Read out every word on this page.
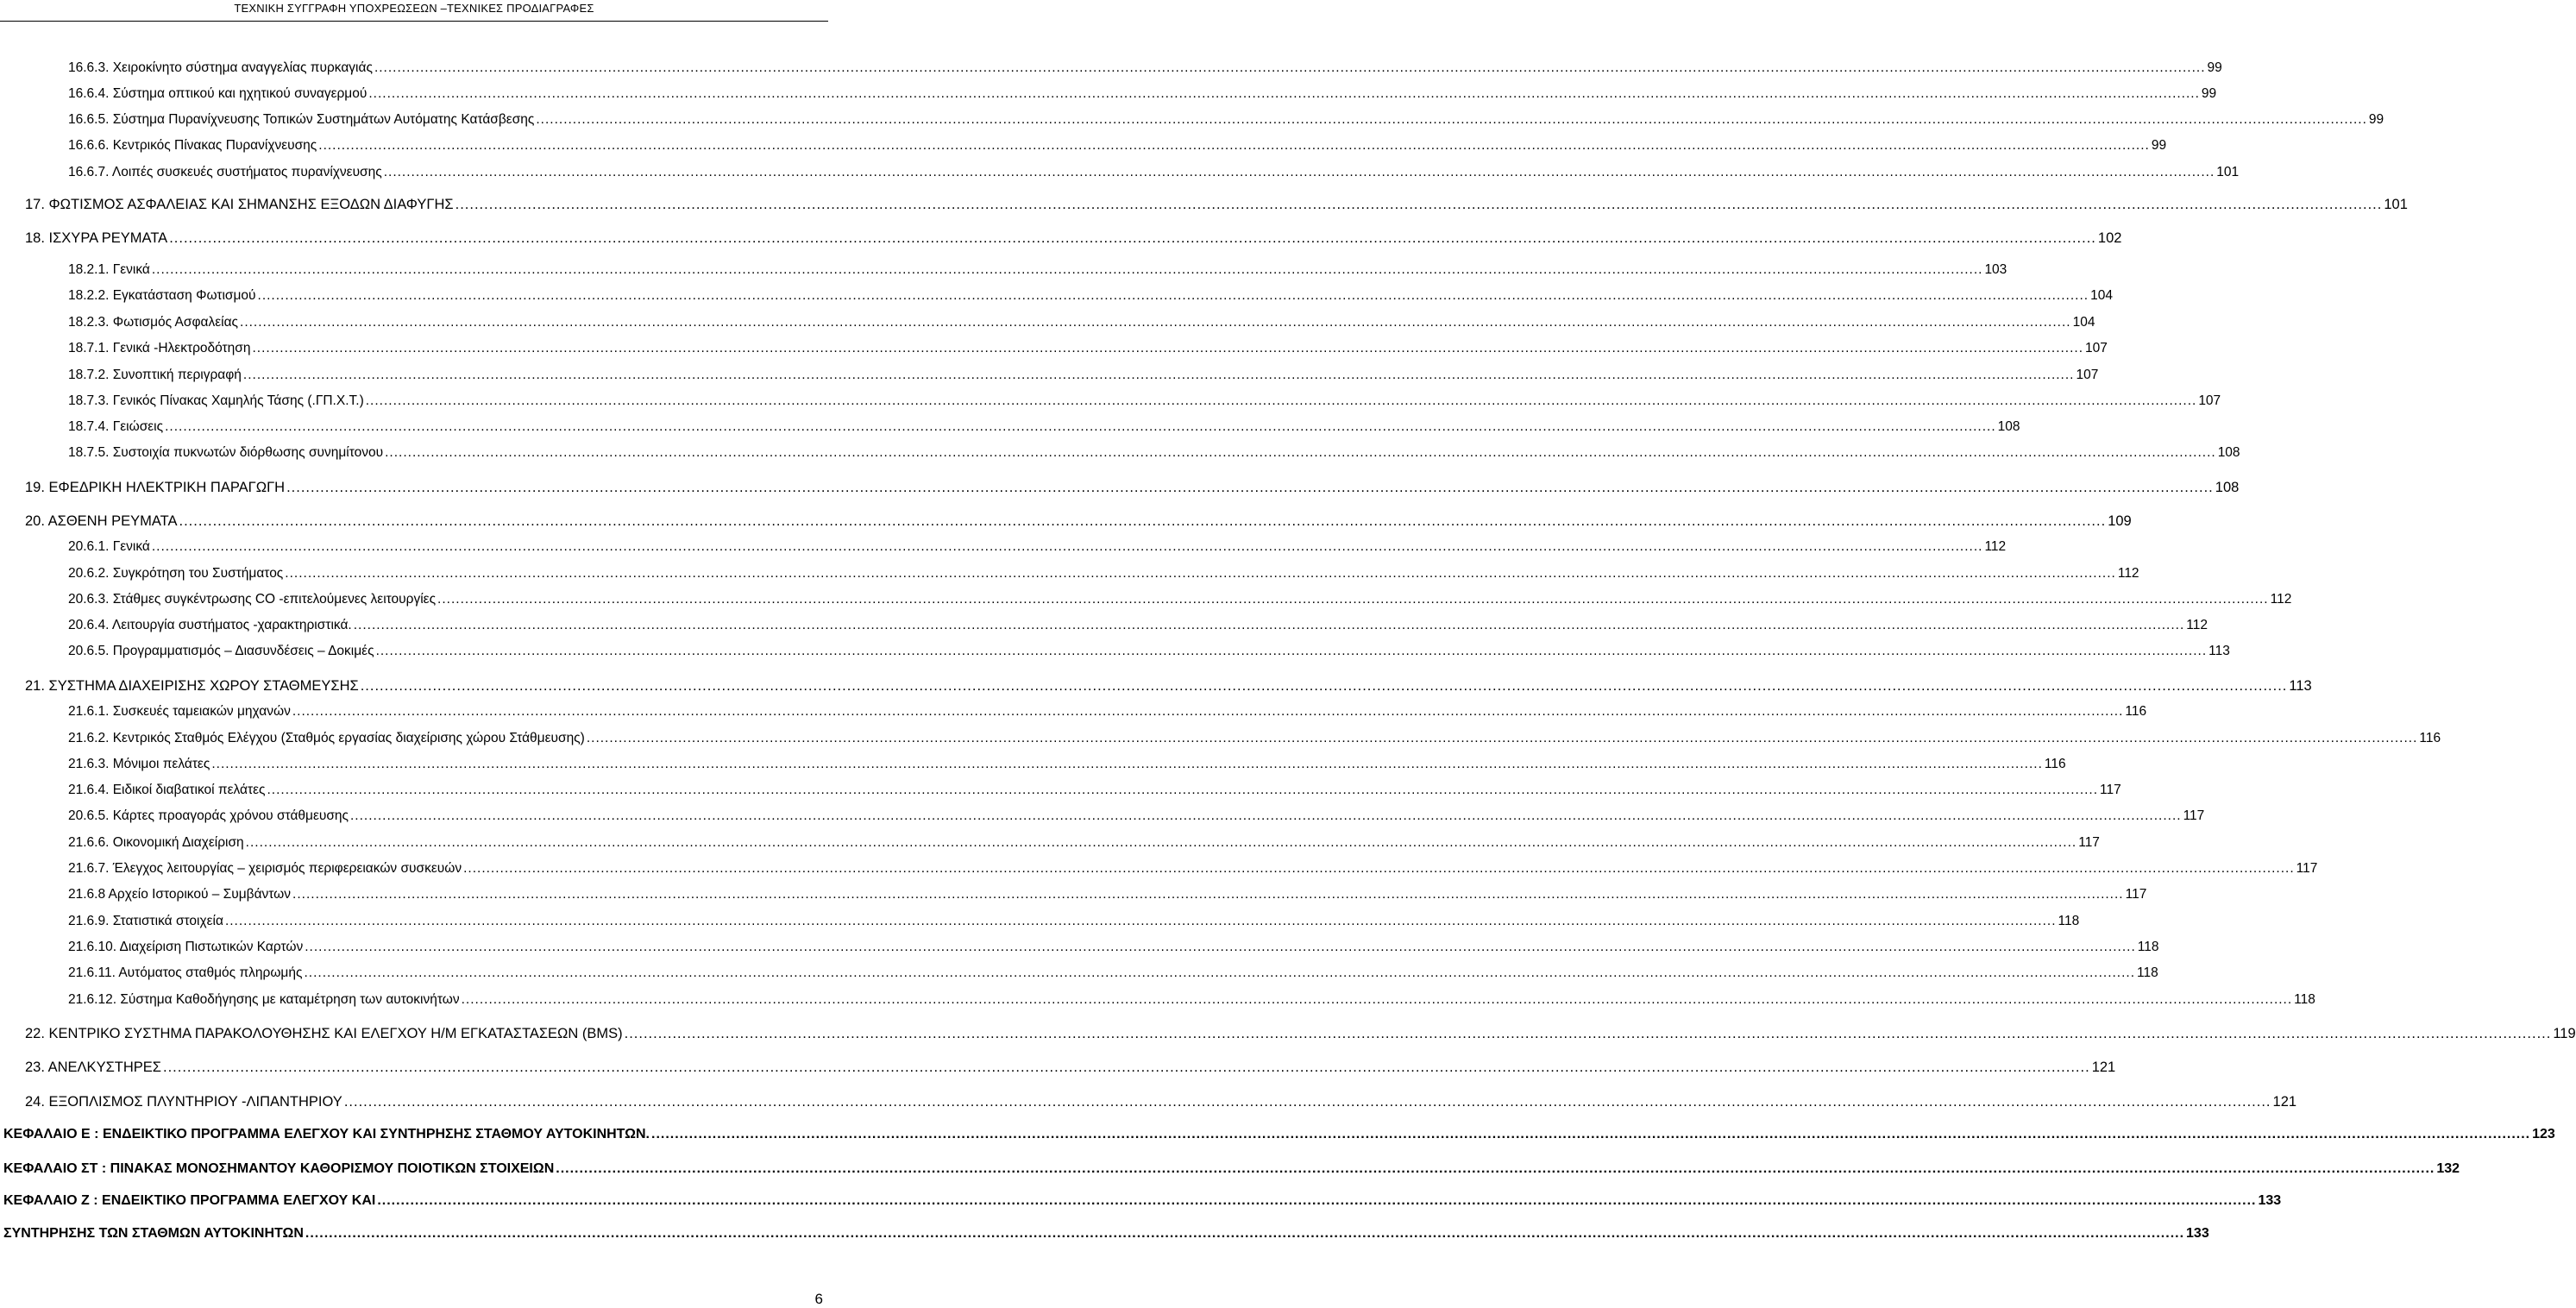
ΤΕΧΝΙΚΗ ΣΥΓΓΡΑΦΗ ΥΠΟΧΡΕΩΣΕΩΝ –ΤΕΧΝΙΚΕΣ ΠΡΟΔΙΑΓΡΑΦΕΣ
16.6.3. Χειροκίνητο σύστημα αναγγελίας πυρκαγιάς ................................................................................................................................................................................................................................................................................................................................................................................................................ 99
16.6.4. Σύστημα οπτικού και ηχητικού συναγερμού ................................................................................................................................................................................................................................................................................................................................................................................................................ 99
16.6.5. Σύστημα Πυρανίχνευσης Τοπικών Συστημάτων Αυτόματης Κατάσβεσης ................................................................................................................................................................................................................................................................................................................................................................................................................ 99
16.6.6. Κεντρικός Πίνακας Πυρανίχνευσης ................................................................................................................................................................................................................................................................................................................................................................................................................ 99
16.6.7. Λοιπές συσκευές συστήματος πυρανίχνευσης ................................................................................................................................................................................................................................................................................................................................................................................................................ 101
17. ΦΩΤΙΣΜΟΣ ΑΣΦΑΛΕΙΑΣ ΚΑΙ ΣΗΜΑΝΣΗΣ ΕΞΟΔΩΝ ΔΙΑΦΥΓΗΣ ................................................................................................................................................................................................................................................................................................................................................................................................................ 101
18. ΙΣΧΥΡΑ ΡΕΥΜΑΤΑ ................................................................................................................................................................................................................................................................................................................................................................................................................ 102
18.2.1. Γενικά ................................................................................................................................................................................................................................................................................................................................................................................................................ 103
18.2.2. Εγκατάσταση Φωτισμού ................................................................................................................................................................................................................................................................................................................................................................................................................ 104
18.2.3. Φωτισμός Ασφαλείας ................................................................................................................................................................................................................................................................................................................................................................................................................ 104
18.7.1. Γενικά -Ηλεκτροδότηση ................................................................................................................................................................................................................................................................................................................................................................................................................ 107
18.7.2. Συνοπτική περιγραφή ................................................................................................................................................................................................................................................................................................................................................................................................................ 107
18.7.3. Γενικός Πίνακας Χαμηλής Τάσης (.ΓΠ.Χ.Τ.) ................................................................................................................................................................................................................................................................................................................................................................................................................ 107
18.7.4. Γειώσεις ................................................................................................................................................................................................................................................................................................................................................................................................................ 108
18.7.5. Συστοιχία πυκνωτών διόρθωσης συνημίτονου ................................................................................................................................................................................................................................................................................................................................................................................................................ 108
19. ΕΦΕΔΡΙΚΗ ΗΛΕΚΤΡΙΚΗ ΠΑΡΑΓΩΓΗ ................................................................................................................................................................................................................................................................................................................................................................................................................ 108
20. ΑΣΘΕΝΗ ΡΕΥΜΑΤΑ ................................................................................................................................................................................................................................................................................................................................................................................................................ 109
20.6.1. Γενικά ................................................................................................................................................................................................................................................................................................................................................................................................................ 112
20.6.2. Συγκρότηση του Συστήματος ................................................................................................................................................................................................................................................................................................................................................................................................................ 112
20.6.3. Στάθμες συγκέντρωσης CO -επιτελούμενες λειτουργίες ................................................................................................................................................................................................................................................................................................................................................................................................................ 112
20.6.4. Λειτουργία συστήματος -χαρακτηριστικά. ................................................................................................................................................................................................................................................................................................................................................................................................................ 112
20.6.5. Προγραμματισμός – Διασυνδέσεις – Δοκιμές ................................................................................................................................................................................................................................................................................................................................................................................................................ 113
21. ΣΥΣΤΗΜΑ ΔΙΑΧΕΙΡΙΣΗΣ ΧΩΡΟΥ ΣΤΑΘΜΕΥΣΗΣ ................................................................................................................................................................................................................................................................................................................................................................................................................ 113
21.6.1. Συσκευές ταμειακών μηχανών ................................................................................................................................................................................................................................................................................................................................................................................................................ 116
21.6.2. Κεντρικός Σταθμός Ελέγχου (Σταθμός εργασίας διαχείρισης χώρου Στάθμευσης) ................................................................................................................................................................................................................................................................................................................................................................................................................ 116
21.6.3. Μόνιμοι πελάτες ................................................................................................................................................................................................................................................................................................................................................................................................................ 116
21.6.4. Ειδικοί διαβατικοί πελάτες ................................................................................................................................................................................................................................................................................................................................................................................................................ 117
20.6.5. Κάρτες προαγοράς χρόνου στάθμευσης ................................................................................................................................................................................................................................................................................................................................................................................................................ 117
21.6.6. Οικονομική Διαχείριση ................................................................................................................................................................................................................................................................................................................................................................................................................ 117
21.6.7. Έλεγχος λειτουργίας – χειρισμός περιφερειακών συσκευών ................................................................................................................................................................................................................................................................................................................................................................................................................ 117
21.6.8 Αρχείο Ιστορικού – Συμβάντων ................................................................................................................................................................................................................................................................................................................................................................................................................ 117
21.6.9. Στατιστικά στοιχεία ................................................................................................................................................................................................................................................................................................................................................................................................................ 118
21.6.10. Διαχείριση Πιστωτικών Καρτών ................................................................................................................................................................................................................................................................................................................................................................................................................ 118
21.6.11. Αυτόματος σταθμός πληρωμής ................................................................................................................................................................................................................................................................................................................................................................................................................ 118
21.6.12. Σύστημα Καθοδήγησης με καταμέτρηση των αυτοκινήτων ................................................................................................................................................................................................................................................................................................................................................................................................................ 118
22. ΚΕΝΤΡΙΚΟ ΣΥΣΤΗΜΑ ΠΑΡΑΚΟΛΟΥΘΗΣΗΣ ΚΑΙ ΕΛΕΓΧΟΥ Η/Μ ΕΓΚΑΤΑΣΤΑΣΕΩΝ (BMS) ................................................................................................................................................................................................................................................................................................................................................................................................................ 119
23. ΑΝΕΛΚΥΣΤΗΡΕΣ ................................................................................................................................................................................................................................................................................................................................................................................................................ 121
24. ΕΞΟΠΛΙΣΜΟΣ ΠΛΥΝΤΗΡΙΟΥ -ΛΙΠΑΝΤΗΡΙΟΥ ................................................................................................................................................................................................................................................................................................................................................................................................................ 121
ΚΕΦΑΛΑΙΟ Ε : ΕΝΔΕΙΚΤΙΚΟ ΠΡΟΓΡΑΜΜΑ ΕΛΕΓΧΟΥ ΚΑΙ ΣΥΝΤΗΡΗΣΗΣ ΣΤΑΘΜΟΥ ΑΥΤΟΚΙΝΗΤΩΝ. ................................................................................................................................................................................................................................................................................................................................................................................................................ 123
ΚΕΦΑΛΑΙΟ ΣΤ : ΠΙΝΑΚΑΣ ΜΟΝΟΣΗΜΑΝΤΟΥ ΚΑΘΟΡΙΣΜΟΥ ΠΟΙΟΤΙΚΩΝ ΣΤΟΙΧΕΙΩΝ ................................................................................................................................................................................................................................................................................................................................................................................................................ 132
ΚΕΦΑΛΑΙΟ Ζ : ΕΝΔΕΙΚΤΙΚΟ ΠΡΟΓΡΑΜΜΑ ΕΛΕΓΧΟΥ ΚΑΙ ................................................................................................................................................................................................................................................................................................................................................................................................................ 133
ΣΥΝΤΗΡΗΣΗΣ ΤΩΝ ΣΤΑΘΜΩΝ ΑΥΤΟΚΙΝΗΤΩΝ ................................................................................................................................................................................................................................................................................................................................................................................................................ 133
6
